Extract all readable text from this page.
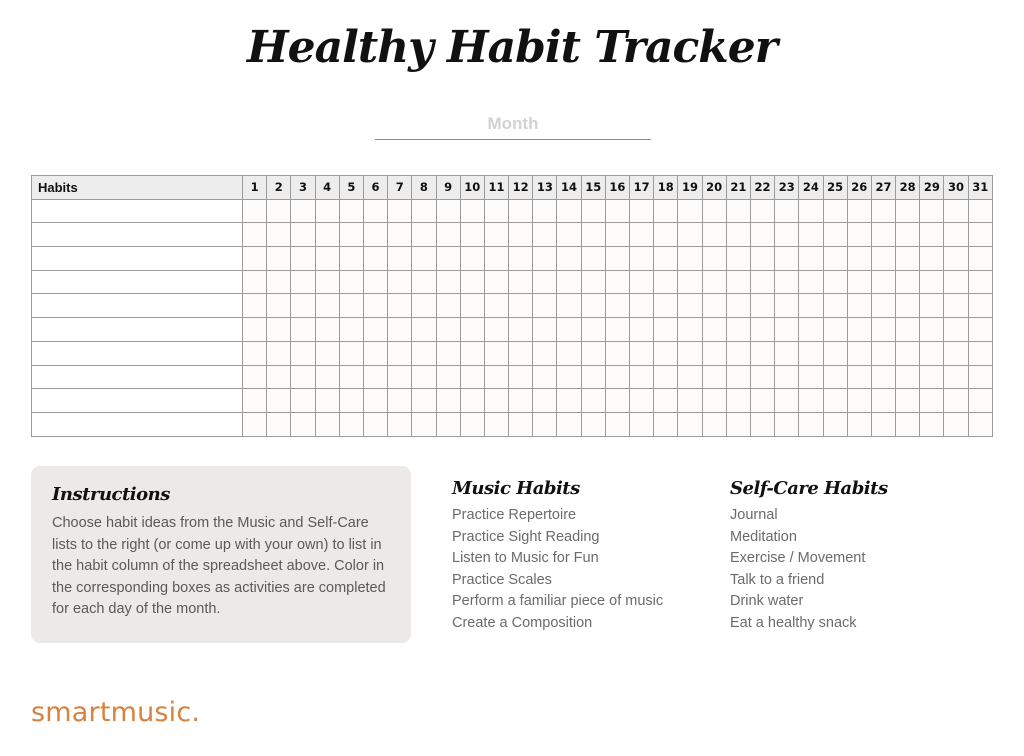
Healthy Habit Tracker
Month
Habits	1	2	3	4	5	6	7	8	9	10	11	12	13	14	15	16	17	18	19	20	21	22	23	24	25	26	27	28	29	30	31

Instructions

Choose habit ideas from the Music and Self-Care lists to the right (or come up with your own) to list in the habit column of the spreadsheet above. Color in the corresponding boxes as activities are completed for each day of the month.

Music Habits
Practice Repertoire
Practice Sight Reading
Listen to Music for Fun
Practice Scales
Perform a familiar piece of music
Create a Composition
Self-Care Habits
Journal
Meditation
Exercise / Movement
Talk to a friend
Drink water
Eat a healthy snack
smartmusic.
